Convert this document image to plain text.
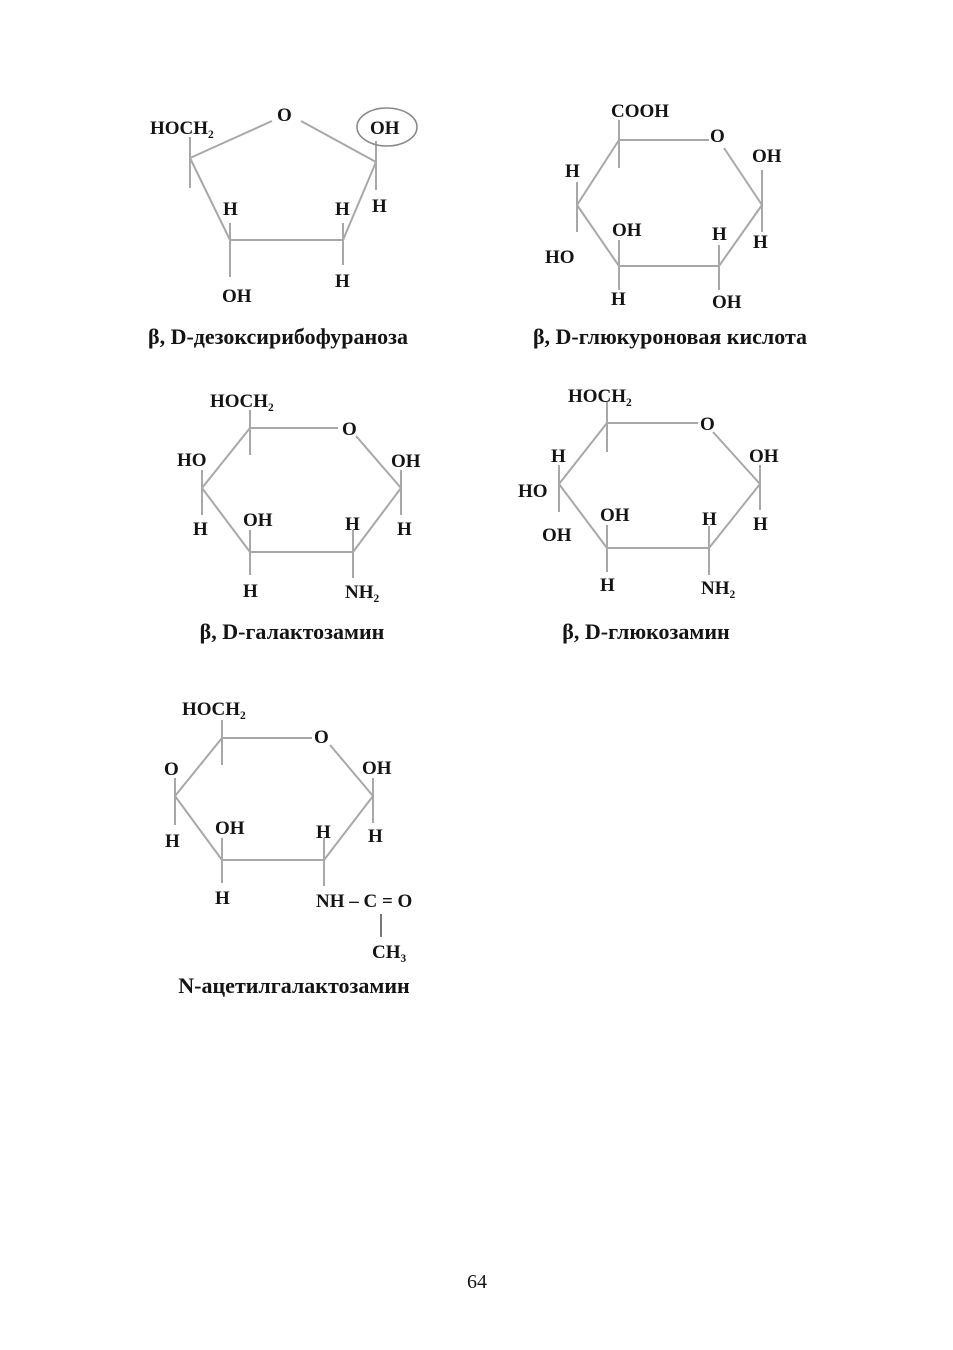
HOCH₂
O
OH
H	H H
OH
H
β, D-дезоксирибофураноза
COOH
O
OH
H
H
OH	H
HO
H	OH
β, D-глюкуроновая кислота
HOCH₂
O
HO	OH
H OH	H H
H	NH₂
β, D-галактозамин
HOCH₂
O
H	OH
HO
OH
OH	H H
H	NH₂
β, D-глюкозамин
HOCH₂
O
O	OH
H
OH	H H
H	NH – C = O
CH₃
N-ацетилгалактозамин
64
